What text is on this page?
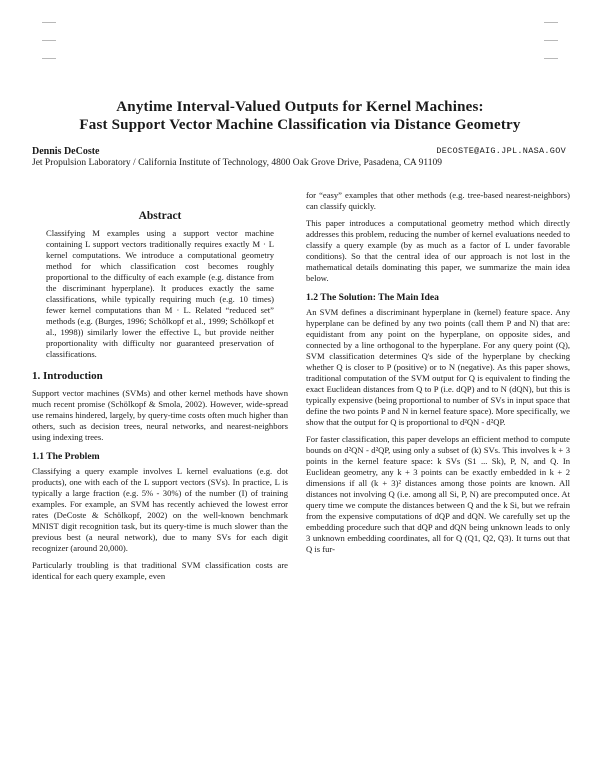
Anytime Interval-Valued Outputs for Kernel Machines:
Fast Support Vector Machine Classification via Distance Geometry
Dennis DeCoste	DECOSTE@AIG.JPL.NASA.GOV
Jet Propulsion Laboratory / California Institute of Technology, 4800 Oak Grove Drive, Pasadena, CA 91109
Abstract

Classifying M examples using a support vector machine containing L support vectors traditionally requires exactly M · L kernel computations. We introduce a computational geometry method for which classification cost becomes roughly proportional to the difficulty of each example (e.g. distance from the discriminant hyperplane). It produces exactly the same classifications, while typically requiring much (e.g. 10 times) fewer kernel computations than M · L. Related “reduced set” methods (e.g. (Burges, 1996; Schölkopf et al., 1999; Schölkopf et al., 1998)) similarly lower the effective L, but provide neither proportionality with difficulty nor guaranteed preservation of classifications.

1. Introduction

Support vector machines (SVMs) and other kernel methods have shown much recent promise (Schölkopf & Smola, 2002). However, wide-spread use remains hindered, largely, by query-time costs often much higher than others, such as decision trees, neural networks, and nearest-neighbors using indexing trees.

1.1 The Problem

Classifying a query example involves L kernel evaluations (e.g. dot products), one with each of the L support vectors (SVs). In practice, L is typically a large fraction (e.g. 5% - 30%) of the number (I) of training examples. For example, an SVM has recently achieved the lowest error rates (DeCoste & Schölkopf, 2002) on the well-known benchmark MNIST digit recognition task, but its query-time is much slower than the previous best (a neural network), due to many SVs for each digit recognizer (around 20,000).

Particularly troubling is that traditional SVM classification costs are identical for each query example, even

for “easy” examples that other methods (e.g. tree-based nearest-neighbors) can classify quickly.

This paper introduces a computational geometry method which directly addresses this problem, reducing the number of kernel evaluations needed to classify a query example (by as much as a factor of L under favorable conditions). So that the central idea of our approach is not lost in the mathematical details dominating this paper, we summarize the main idea below.

1.2 The Solution: The Main Idea

An SVM defines a discriminant hyperplane in (kernel) feature space. Any hyperplane can be defined by any two points (call them P and N) that are: equidistant from any point on the hyperplane, on opposite sides, and connected by a line orthogonal to the hyperplane. For any query point (Q), SVM classification determines Q's side of the hyperplane by checking whether Q is closer to P (positive) or to N (negative). As this paper shows, traditional computation of the SVM output for Q is equivalent to finding the exact Euclidean distances from Q to P (i.e. dQP) and to N (dQN), but this is typically expensive (being proportional to number of SVs in input space that define the two points P and N in kernel feature space). More specifically, we show that the output for Q is proportional to d²QN - d²QP.

For faster classification, this paper develops an efficient method to compute bounds on d²QN - d²QP, using only a subset of (k) SVs. This involves k + 3 points in the kernel feature space: k SVs (S1 ... Sk), P, N, and Q. In Euclidean geometry, any k + 3 points can be exactly embedded in k + 2 dimensions if all (k + 3)² distances among those points are known. All distances not involving Q (i.e. among all Si, P, N) are precomputed once. At query time we compute the distances between Q and the k Si, but we refrain from the expensive computations of dQP and dQN. We carefully set up the embedding procedure such that dQP and dQN being unknown leads to only 3 unknown embedding coordinates, all for Q (Q1, Q2, Q3). It turns out that Q is fur-
